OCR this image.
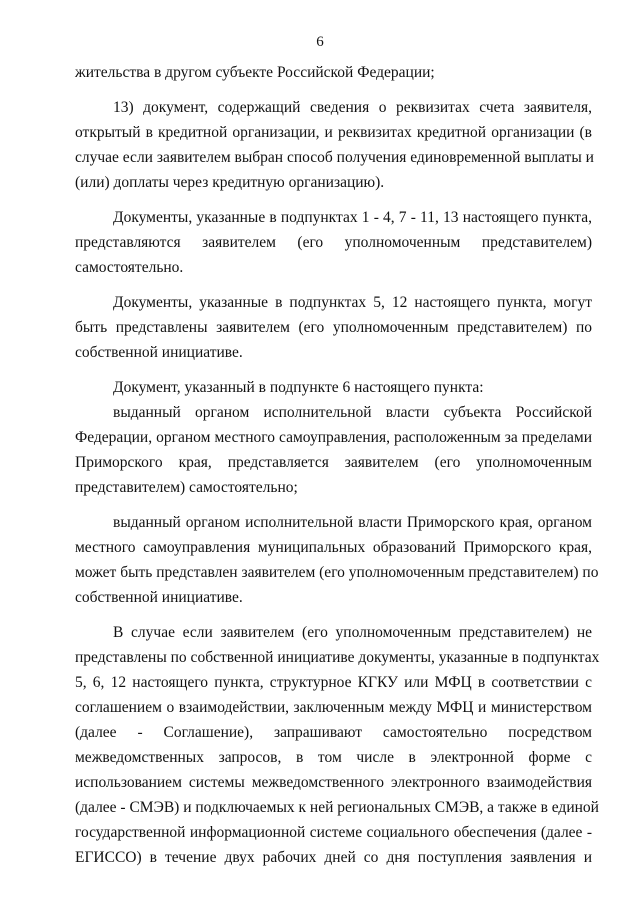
6
жительства в другом субъекте Российской Федерации;
13) документ, содержащий сведения о реквизитах счета заявителя,
открытый в кредитной организации, и реквизитах кредитной организации (в
случае если заявителем выбран способ получения единовременной выплаты и
(или) доплаты через кредитную организацию).
Документы, указанные в подпунктах 1 - 4, 7 - 11, 13 настоящего пункта,
представляются заявителем (его уполномоченным представителем)
самостоятельно.
Документы, указанные в подпунктах 5, 12 настоящего пункта, могут
быть представлены заявителем (его уполномоченным представителем) по
собственной инициативе.
Документ, указанный в подпункте 6 настоящего пункта:
выданный органом исполнительной власти субъекта Российской
Федерации, органом местного самоуправления, расположенным за пределами
Приморского края, представляется заявителем (его уполномоченным
представителем) самостоятельно;
выданный органом исполнительной власти Приморского края, органом
местного самоуправления муниципальных образований Приморского края,
может быть представлен заявителем (его уполномоченным представителем) по
собственной инициативе.
В случае если заявителем (его уполномоченным представителем) не
представлены по собственной инициативе документы, указанные в подпунктах
5, 6, 12 настоящего пункта, структурное КГКУ или МФЦ в соответствии с
соглашением о взаимодействии, заключенным между МФЦ и министерством
(далее - Соглашение), запрашивают самостоятельно посредством
межведомственных запросов, в том числе в электронной форме с
использованием системы межведомственного электронного взаимодействия
(далее - СМЭВ) и подключаемых к ней региональных СМЭВ, а также в единой
государственной информационной системе социального обеспечения (далее -
ЕГИССО) в течение двух рабочих дней со дня поступления заявления и
